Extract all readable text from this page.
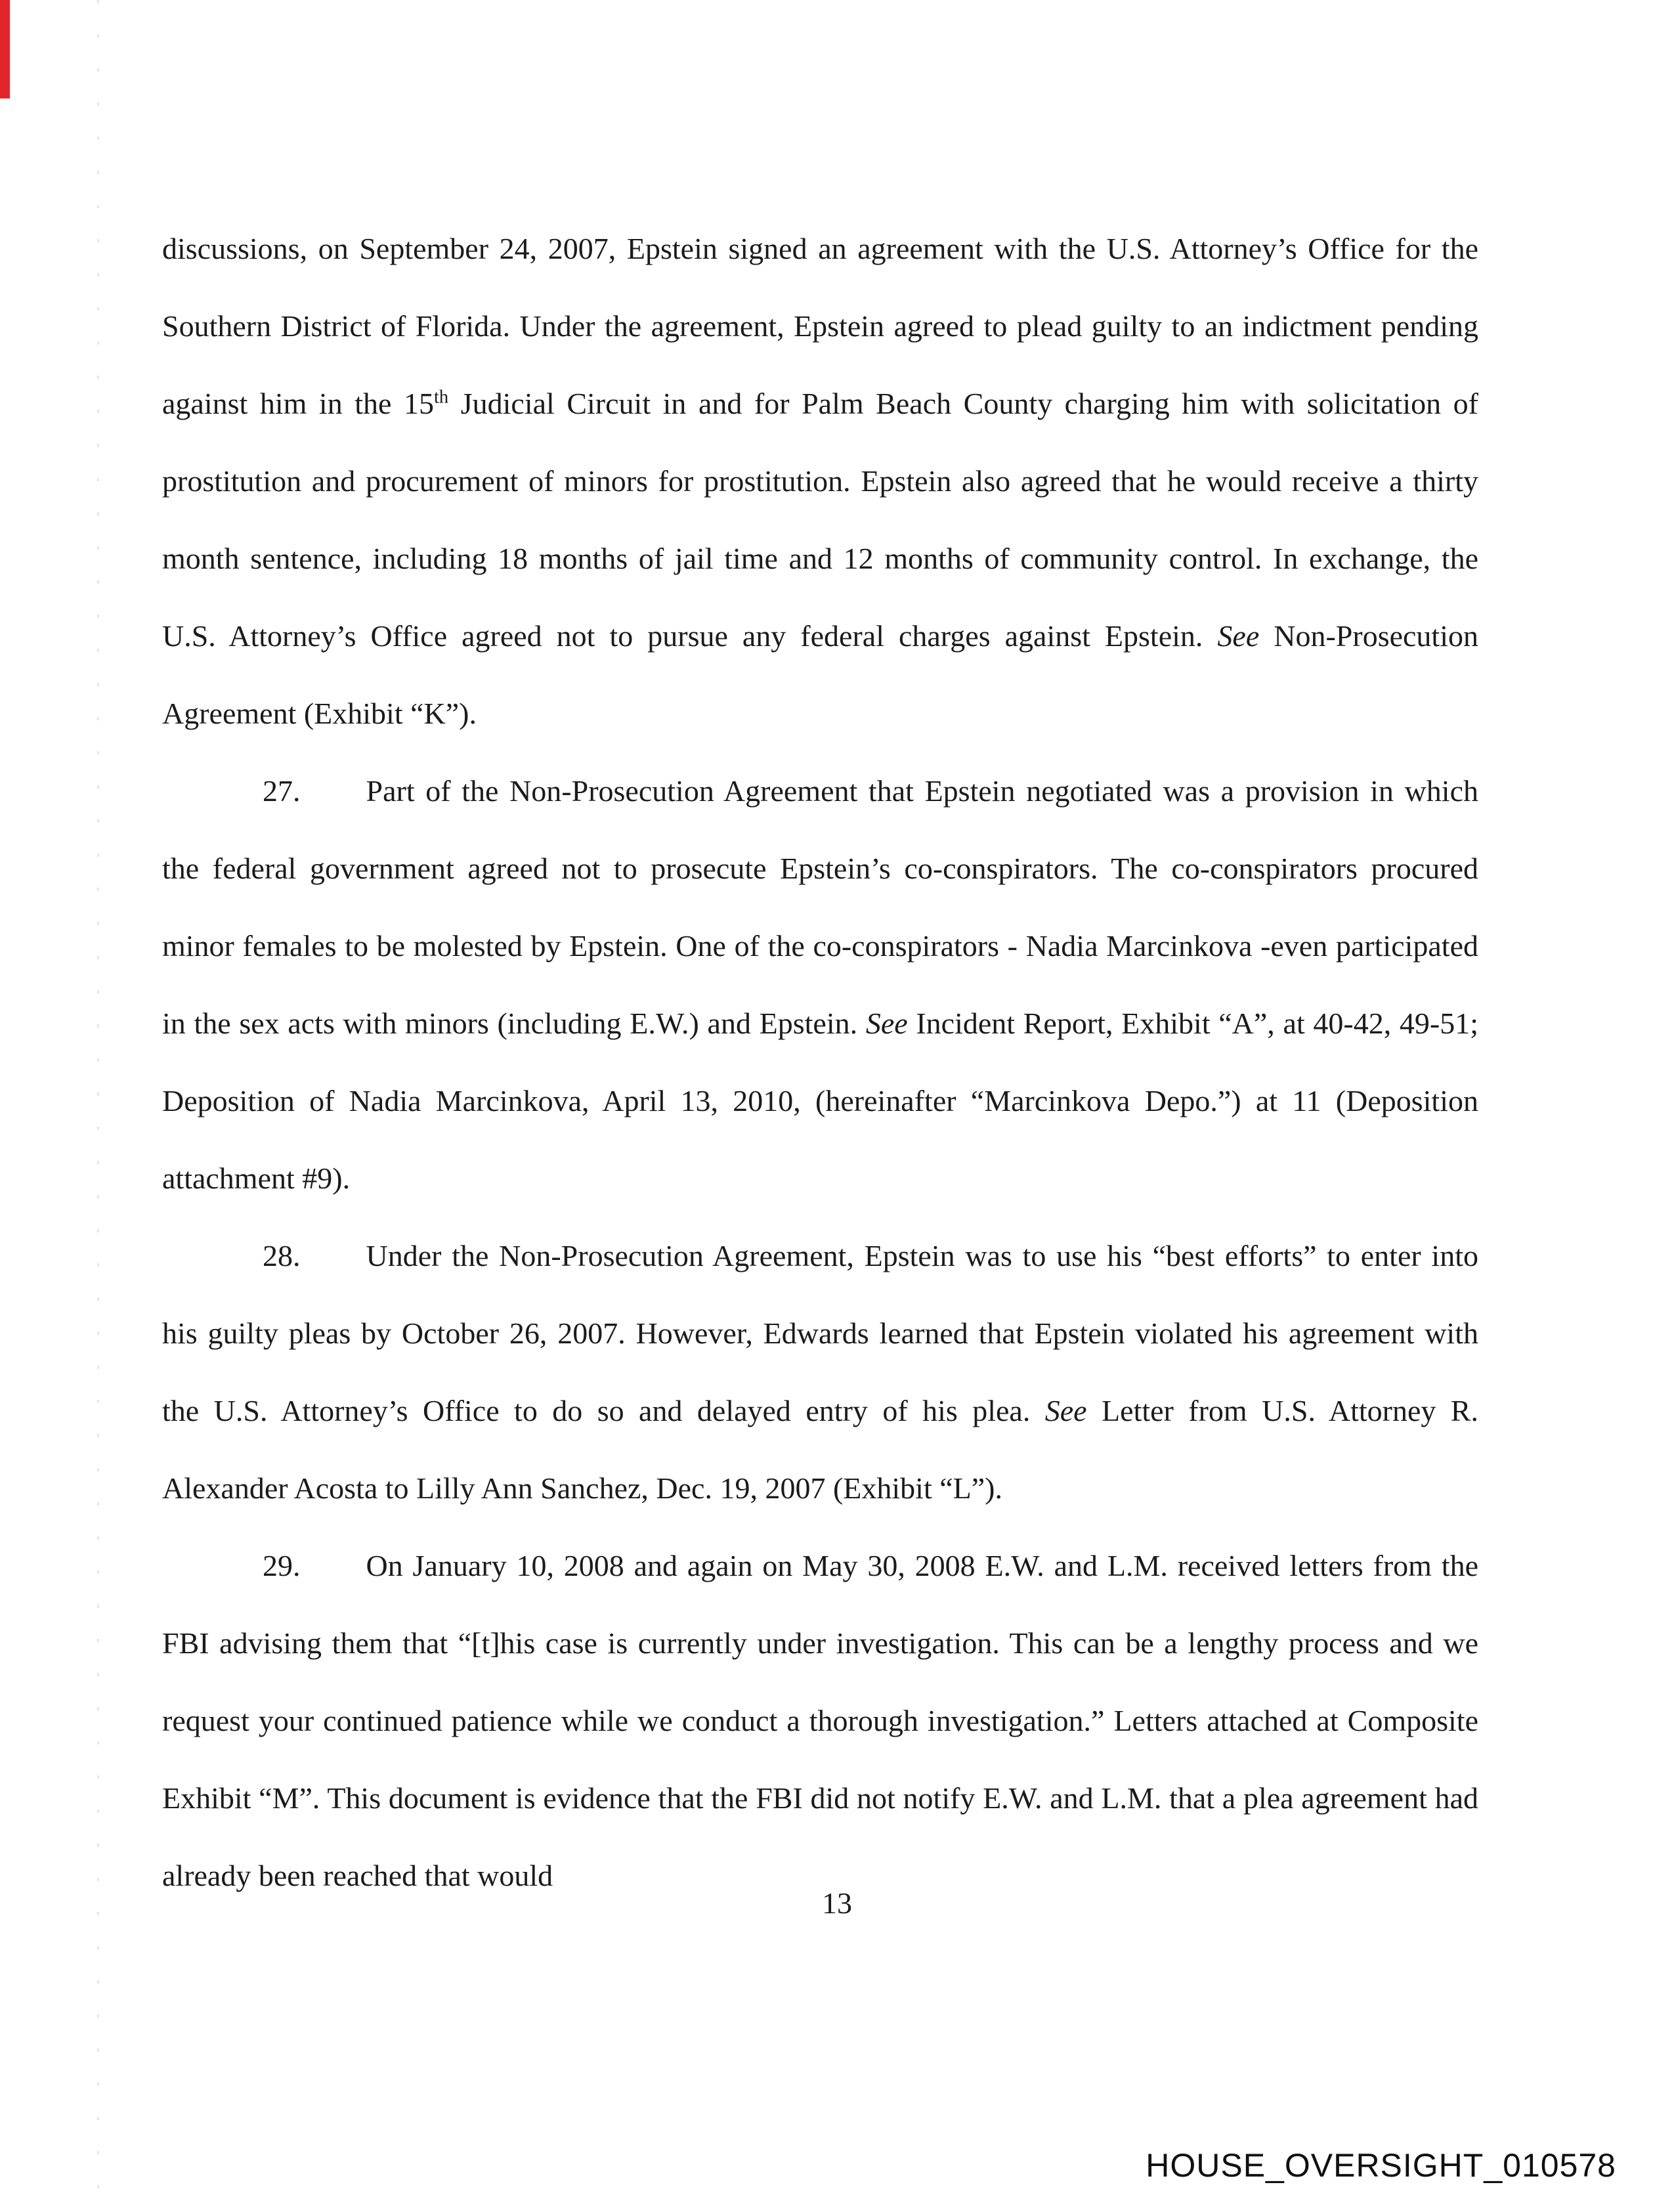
discussions, on September 24, 2007, Epstein signed an agreement with the U.S. Attorney’s Office for the Southern District of Florida. Under the agreement, Epstein agreed to plead guilty to an indictment pending against him in the 15th Judicial Circuit in and for Palm Beach County charging him with solicitation of prostitution and procurement of minors for prostitution. Epstein also agreed that he would receive a thirty month sentence, including 18 months of jail time and 12 months of community control. In exchange, the U.S. Attorney’s Office agreed not to pursue any federal charges against Epstein. See Non-Prosecution Agreement (Exhibit “K”).

27. Part of the Non-Prosecution Agreement that Epstein negotiated was a provision in which the federal government agreed not to prosecute Epstein’s co-conspirators. The co-conspirators procured minor females to be molested by Epstein. One of the co-conspirators - Nadia Marcinkova -even participated in the sex acts with minors (including E.W.) and Epstein. See Incident Report, Exhibit “A”, at 40-42, 49-51; Deposition of Nadia Marcinkova, April 13, 2010, (hereinafter “Marcinkova Depo.”) at 11 (Deposition attachment #9).

28. Under the Non-Prosecution Agreement, Epstein was to use his “best efforts” to enter into his guilty pleas by October 26, 2007. However, Edwards learned that Epstein violated his agreement with the U.S. Attorney’s Office to do so and delayed entry of his plea. See Letter from U.S. Attorney R. Alexander Acosta to Lilly Ann Sanchez, Dec. 19, 2007 (Exhibit “L”).

29. On January 10, 2008 and again on May 30, 2008 E.W. and L.M. received letters from the FBI advising them that “[t]his case is currently under investigation. This can be a lengthy process and we request your continued patience while we conduct a thorough investigation.” Letters attached at Composite Exhibit “M”. This document is evidence that the FBI did not notify E.W. and L.M. that a plea agreement had already been reached that would

13
HOUSE_OVERSIGHT_010578
